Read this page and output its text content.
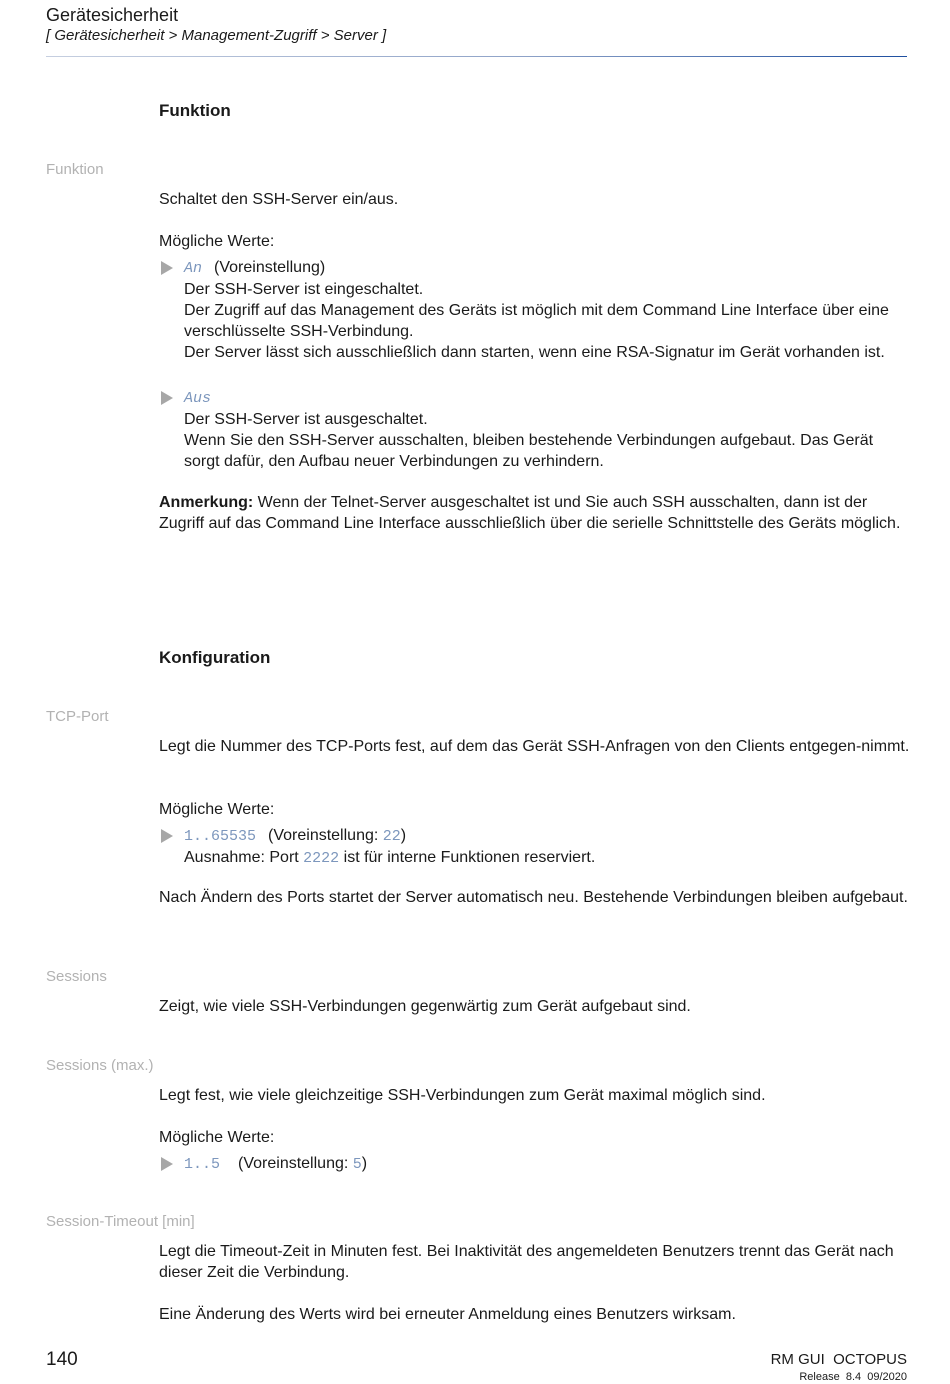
Gerätesicherheit
[ Gerätesicherheit > Management-Zugriff > Server ]
Funktion
Funktion
Schaltet den SSH-Server ein/aus.
Mögliche Werte:
An (Voreinstellung)
Der SSH-Server ist eingeschaltet.
Der Zugriff auf das Management des Geräts ist möglich mit dem Command Line Interface über eine verschlüsselte SSH-Verbindung.
Der Server lässt sich ausschließlich dann starten, wenn eine RSA-Signatur im Gerät vorhanden ist.
Aus
Der SSH-Server ist ausgeschaltet.
Wenn Sie den SSH-Server ausschalten, bleiben bestehende Verbindungen aufgebaut. Das Gerät sorgt dafür, den Aufbau neuer Verbindungen zu verhindern.
Anmerkung: Wenn der Telnet-Server ausgeschaltet ist und Sie auch SSH ausschalten, dann ist der Zugriff auf das Command Line Interface ausschließlich über die serielle Schnittstelle des Geräts möglich.
Konfiguration
TCP-Port
Legt die Nummer des TCP-Ports fest, auf dem das Gerät SSH-Anfragen von den Clients entgegen-nimmt.
Mögliche Werte:
1..65535 (Voreinstellung: 22)
Ausnahme: Port 2222 ist für interne Funktionen reserviert.
Nach Ändern des Ports startet der Server automatisch neu. Bestehende Verbindungen bleiben aufgebaut.
Sessions
Zeigt, wie viele SSH-Verbindungen gegenwärtig zum Gerät aufgebaut sind.
Sessions (max.)
Legt fest, wie viele gleichzeitige SSH-Verbindungen zum Gerät maximal möglich sind.
Mögliche Werte:
1..5 (Voreinstellung: 5)
Session-Timeout [min]
Legt die Timeout-Zeit in Minuten fest. Bei Inaktivität des angemeldeten Benutzers trennt das Gerät nach dieser Zeit die Verbindung.
Eine Änderung des Werts wird bei erneuter Anmeldung eines Benutzers wirksam.
140	RM GUI  OCTOPUS
Release  8.4  09/2020
